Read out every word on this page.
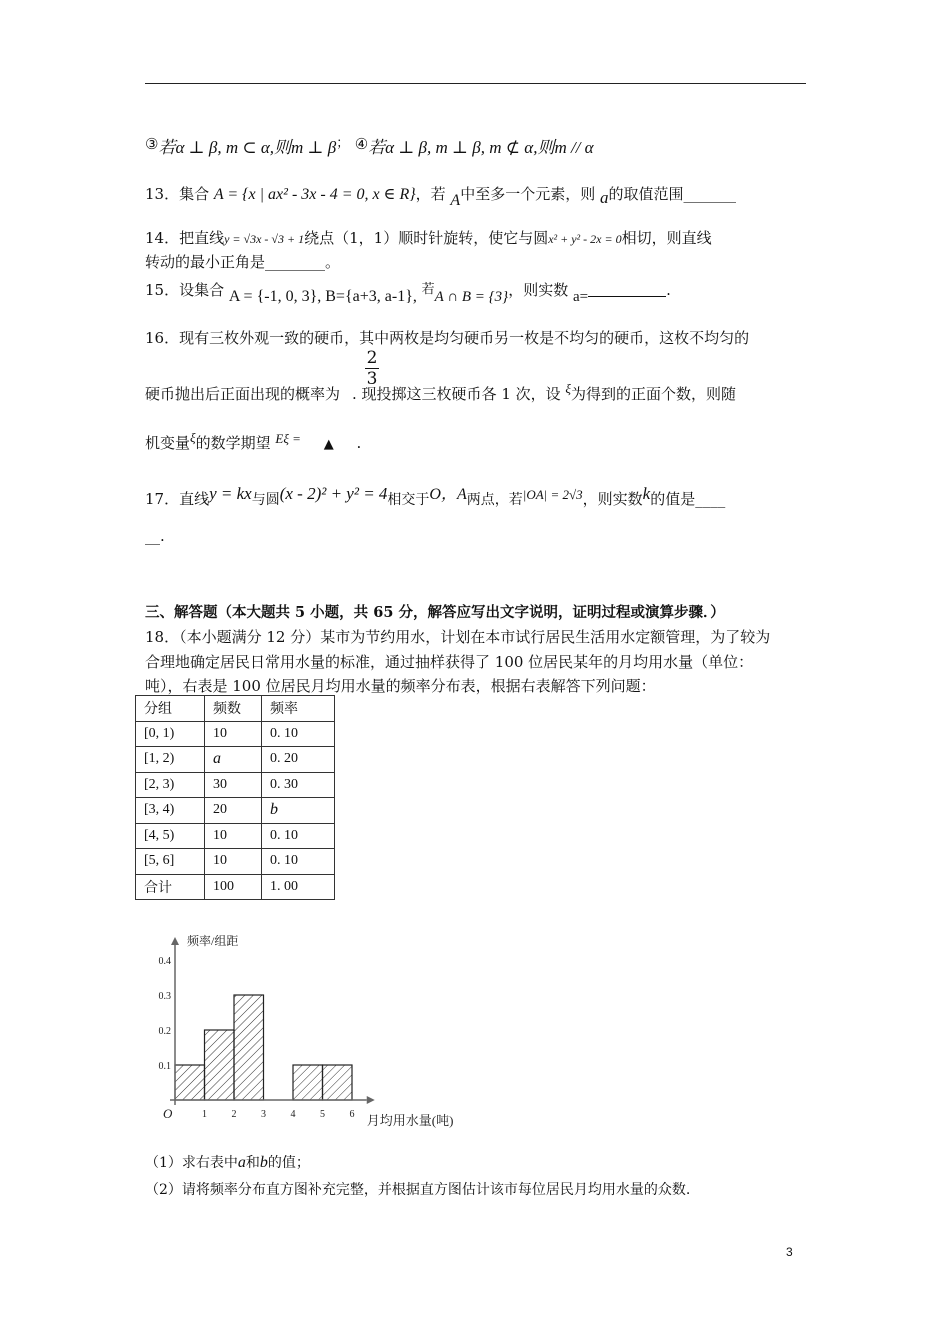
③若α ⊥ β, m ⊂ α,则m ⊥ β； ④若α ⊥ β, m ⊥ β, m ⊄ α,则m // α
13．集合 A = {x | ax² - 3x - 4 = 0, x ∈ R}，若 A中至多一个元素，则 a的取值范围_______
14．把直线y = √3x - √3 + 1绕点（1，1）顺时针旋转，使它与圆x² + y² - 2x = 0相切，则直线
转动的最小正角是________。
15．设集合 A = {-1, 0, 3}, B={a+3, a-1}, 若A ∩ B = {3}，则实数 a=	.
16．现有三枚外观一致的硬币，其中两枚是均匀硬币另一枚是不均匀的硬币，这枚不均匀的
$\frac{2}{3}$
硬币抛出后正面出现的概率为 . 现投掷这三枚硬币各 1 次，设 ξ为得到的正面个数，则随
机变量ξ的数学期望 Eξ = ▲ .
17．直线y = kx与圆(x - 2)² + y² = 4相交于O，A两点，若|OA| = 2√3，则实数k的值是____
__.
三、解答题（本大题共 5 小题，共 65 分，解答应写出文字说明，证明过程或演算步骤．）
18．（本小题满分 12 分）某市为节约用水，计划在本市试行居民生活用水定额管理，为了较为
合理地确定居民日常用水量的标准，通过抽样获得了 100 位居民某年的月均用水量（单位：
吨），右表是 100 位居民月均用水量的频率分布表，根据右表解答下列问题：
分组	频数	频率
[0, 1)	10	0. 10
[1, 2)	a	0. 20
[2, 3)	30	0. 30
[3, 4)	20	b
[4, 5)	10	0. 10
[5, 6]	10	0. 10
合计	100	1. 00
0.1
0.2
0.3
0.4
1 2 3 4 5 6
O
频率/组距
月均用水量(吨)
3
（1）求右表中a和b的值；
（2）请将频率分布直方图补充完整，并根据直方图估计该市每位居民月均用水量的众数.
